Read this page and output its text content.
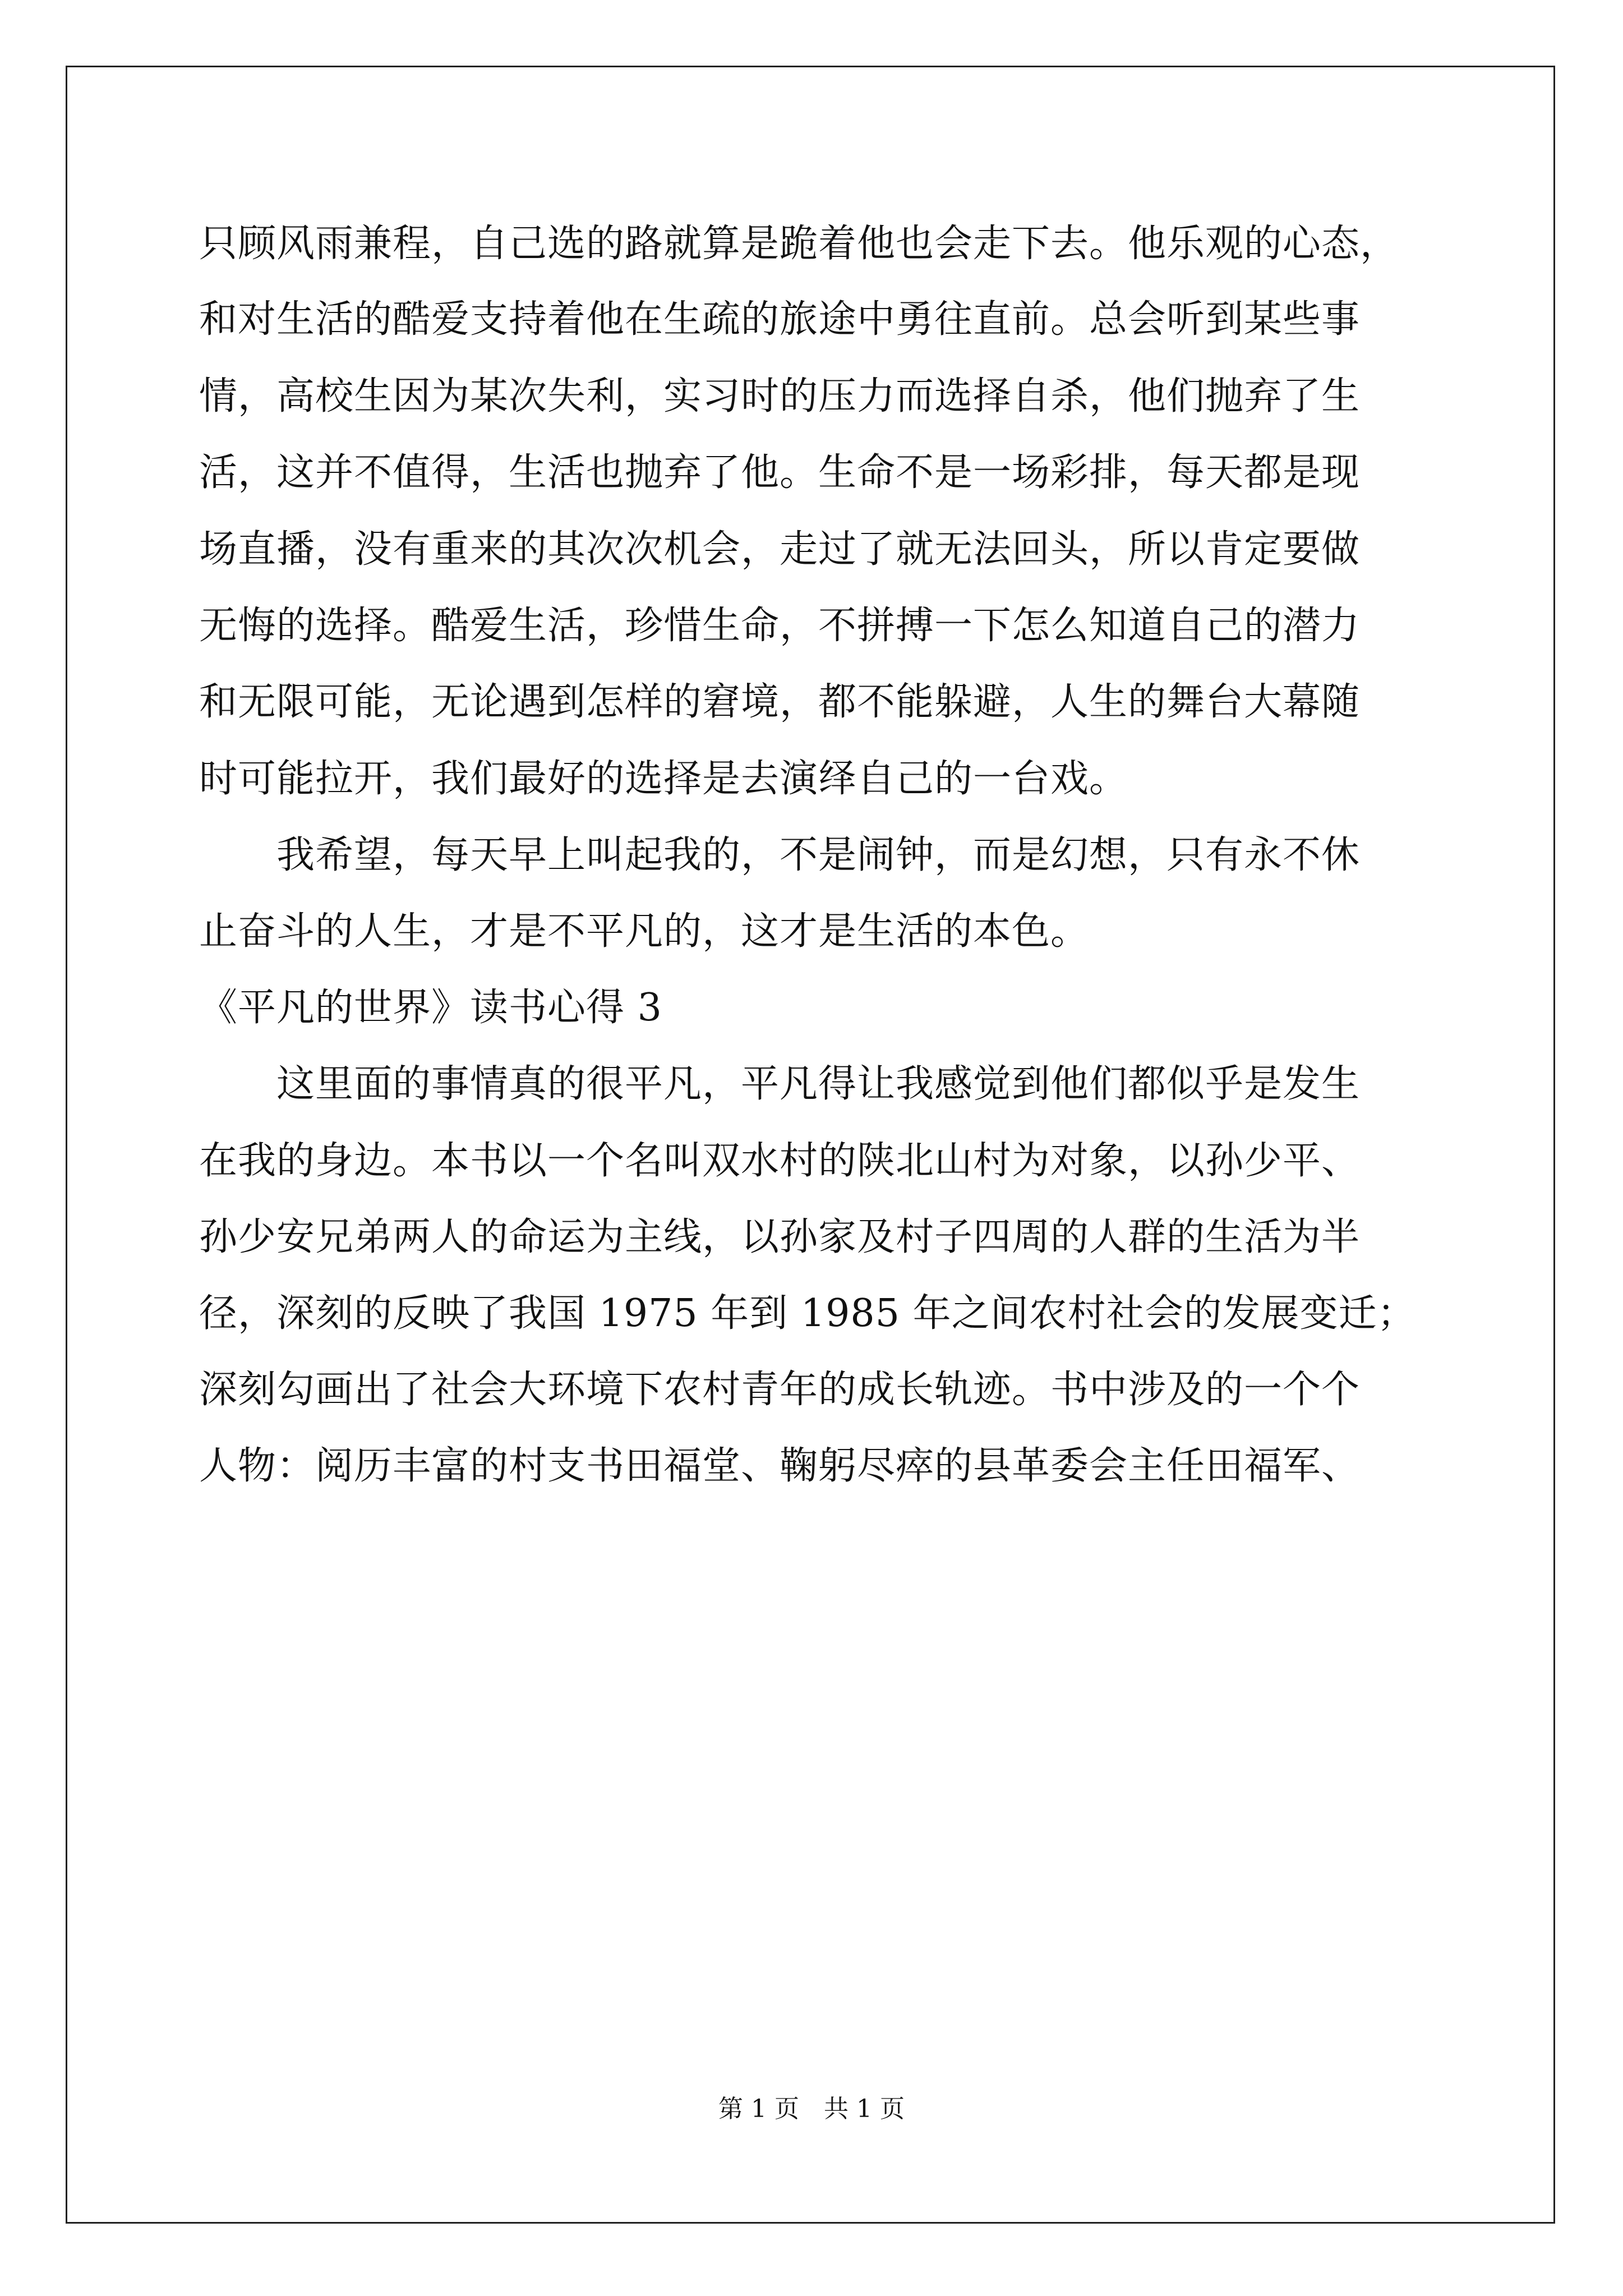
只顾风雨兼程，自己选的路就算是跪着他也会走下去。他乐观的心态，
和对生活的酷爱支持着他在生疏的旅途中勇往直前。总会听到某些事
情，高校生因为某次失利，实习时的压力而选择自杀，他们抛弃了生
活，这并不值得，生活也抛弃了他。生命不是一场彩排，每天都是现
场直播，没有重来的其次次机会，走过了就无法回头，所以肯定要做
无悔的选择。酷爱生活，珍惜生命，不拼搏一下怎么知道自己的潜力
和无限可能，无论遇到怎样的窘境，都不能躲避，人生的舞台大幕随
时可能拉开，我们最好的选择是去演绎自己的一台戏。
　　我希望，每天早上叫起我的，不是闹钟，而是幻想，只有永不休
止奋斗的人生，才是不平凡的，这才是生活的本色。
《平凡的世界》读书心得 3
　　这里面的事情真的很平凡，平凡得让我感觉到他们都似乎是发生
在我的身边。本书以一个名叫双水村的陕北山村为对象，以孙少平、
孙少安兄弟两人的命运为主线，以孙家及村子四周的人群的生活为半
径，深刻的反映了我国 1975 年到 1985 年之间农村社会的发展变迁；
深刻勾画出了社会大环境下农村青年的成长轨迹。书中涉及的一个个
人物：阅历丰富的村支书田福堂、鞠躬尽瘁的县革委会主任田福军、
第 1 页　共 1 页
